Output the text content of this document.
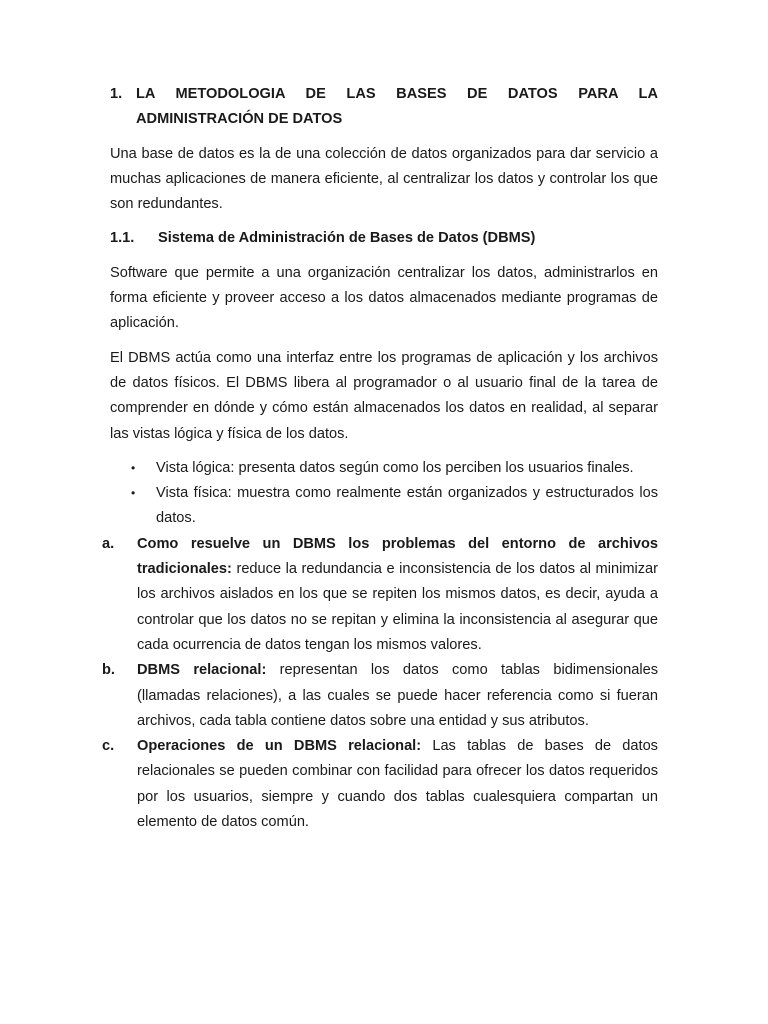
1. LA METODOLOGIA DE LAS BASES DE DATOS PARA LA
ADMINISTRACIÓN DE DATOS

Una base de datos es la de una colección de datos organizados para dar servicio a muchas aplicaciones de manera eficiente, al centralizar los datos y controlar los que son redundantes.

1.1.	Sistema de Administración de Bases de Datos (DBMS)

Software que permite a una organización centralizar los datos, administrarlos en forma eficiente y proveer acceso a los datos almacenados mediante programas de aplicación.

El DBMS actúa como una interfaz entre los programas de aplicación y los archivos de datos físicos. El DBMS libera al programador o al usuario final de la tarea de comprender en dónde y cómo están almacenados los datos en realidad, al separar las vistas lógica y física de los datos.

•	Vista lógica: presenta datos según como los perciben los usuarios finales.
•	Vista física: muestra como realmente están organizados y estructurados los datos.
a.	Como resuelve un DBMS los problemas del entorno de archivos tradicionales: reduce la redundancia e inconsistencia de los datos al minimizar los archivos aislados en los que se repiten los mismos datos, es decir, ayuda a controlar que los datos no se repitan y elimina la inconsistencia al asegurar que cada ocurrencia de datos tengan los mismos valores.
b.	DBMS relacional: representan los datos como tablas bidimensionales (llamadas relaciones), a las cuales se puede hacer referencia como si fueran archivos, cada tabla contiene datos sobre una entidad y sus atributos.
c.	Operaciones de un DBMS relacional: Las tablas de bases de datos relacionales se pueden combinar con facilidad para ofrecer los datos requeridos por los usuarios, siempre y cuando dos tablas cualesquiera compartan un elemento de datos común.
